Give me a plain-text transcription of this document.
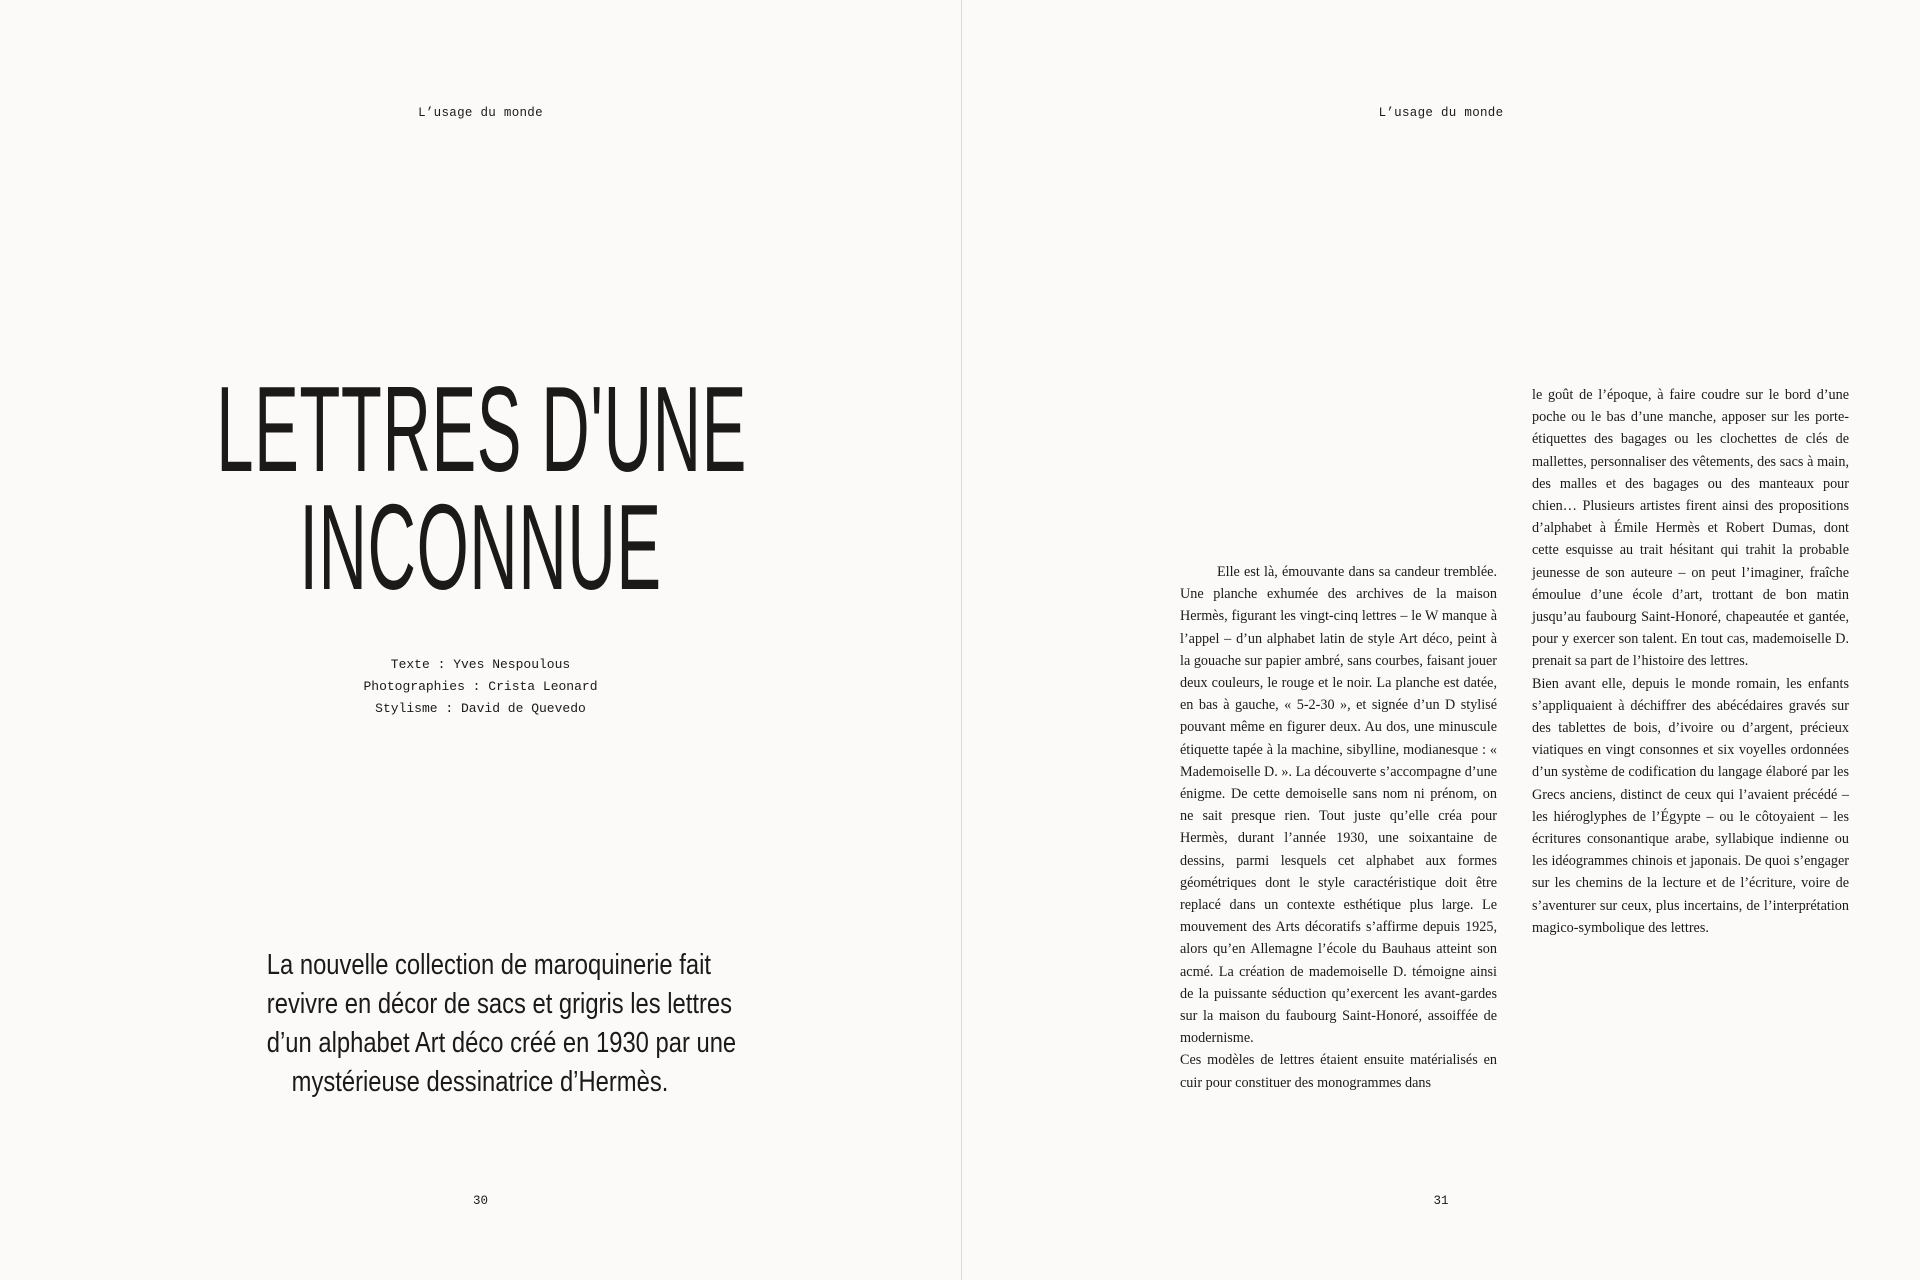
L’usage du monde
LETTRES D'UNE
INCONNUE
Texte : Yves Nespoulous
Photographies : Crista Leonard
Stylisme : David de Quevedo
La nouvelle collection de maroquinerie fait
revivre en décor de sacs et grigris les lettres
d’un alphabet Art déco créé en 1930 par une
mystérieuse dessinatrice d’Hermès.
30
L’usage du monde

Elle est là, émouvante dans sa candeur tremblée. Une planche exhumée des archives de la maison Hermès, figurant les vingt-cinq lettres – le W manque à l’appel – d’un alphabet latin de style Art déco, peint à la gouache sur papier ambré, sans courbes, faisant jouer deux couleurs, le rouge et le noir. La planche est datée, en bas à gauche, « 5-2-30 », et signée d’un D stylisé pouvant même en figurer deux. Au dos, une minuscule étiquette tapée à la machine, sibylline, modianesque : « Mademoiselle D. ». La découverte s’accompagne d’une énigme. De cette demoiselle sans nom ni prénom, on ne sait presque rien. Tout juste qu’elle créa pour Hermès, durant l’année 1930, une soixantaine de dessins, parmi lesquels cet alphabet aux formes géométriques dont le style caractéristique doit être replacé dans un contexte esthétique plus large. Le mouvement des Arts décoratifs s’affirme depuis 1925, alors qu’en Allemagne l’école du Bauhaus atteint son acmé. La création de mademoiselle D. témoigne ainsi de la puissante séduction qu’exercent les avant-gardes sur la maison du faubourg Saint-Honoré, assoiffée de modernisme.

Ces modèles de lettres étaient ensuite matérialisés en cuir pour constituer des monogrammes dans

le goût de l’époque, à faire coudre sur le bord d’une poche ou le bas d’une manche, apposer sur les porte-étiquettes des bagages ou les clochettes de clés de mallettes, personnaliser des vêtements, des sacs à main, des malles et des bagages ou des manteaux pour chien… Plusieurs artistes firent ainsi des propositions d’alphabet à Émile Hermès et Robert Dumas, dont cette esquisse au trait hésitant qui trahit la probable jeunesse de son auteure – on peut l’imaginer, fraîche émoulue d’une école d’art, trottant de bon matin jusqu’au faubourg Saint-Honoré, chapeautée et gantée, pour y exercer son talent. En tout cas, mademoiselle D. prenait sa part de l’histoire des lettres.

Bien avant elle, depuis le monde romain, les enfants s’appliquaient à déchiffrer des abécédaires gravés sur des tablettes de bois, d’ivoire ou d’argent, précieux viatiques en vingt consonnes et six voyelles ordonnées d’un système de codification du langage élaboré par les Grecs anciens, distinct de ceux qui l’avaient précédé – les hiéroglyphes de l’Égypte – ou le côtoyaient – les écritures consonantique arabe, syllabique indienne ou les idéogrammes chinois et japonais. De quoi s’engager sur les chemins de la lecture et de l’écriture, voire de s’aventurer sur ceux, plus incertains, de l’interprétation magico-symbolique des lettres.

31
